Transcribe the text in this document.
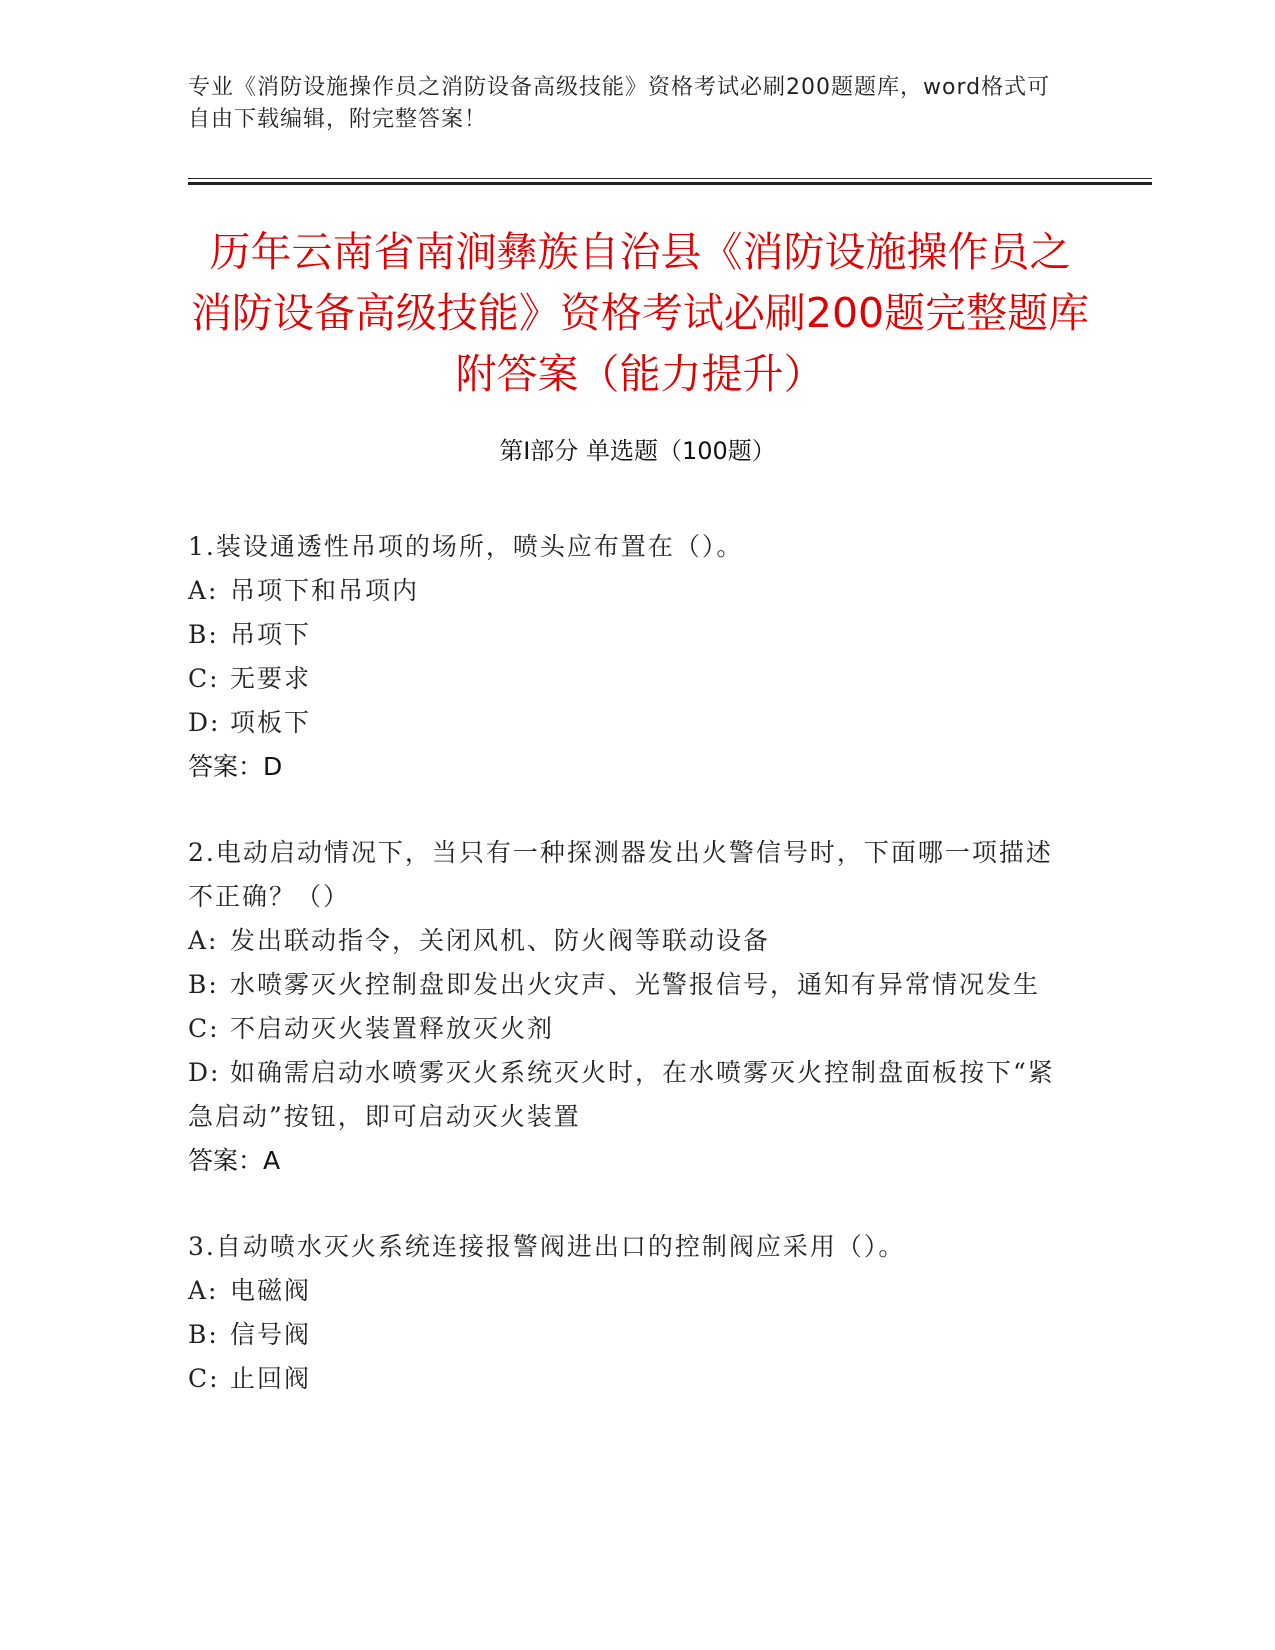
专业《消防设施操作员之消防设备高级技能》资格考试必刷200题题库，word格式可自由下载编辑，附完整答案！
历年云南省南涧彝族自治县《消防设施操作员之消防设备高级技能》资格考试必刷200题完整题库附答案（能力提升）
第Ⅰ部分 单选题（100题）

1.装设通透性吊项的场所，喷头应布置在（）。

A: 吊项下和吊项内

B: 吊项下

C: 无要求

D: 项板下

答案：D

2.电动启动情况下，当只有一种探测器发出火警信号时，下面哪一项描述不正确？（）

A: 发出联动指令，关闭风机、防火阀等联动设备

B: 水喷雾灭火控制盘即发出火灾声、光警报信号，通知有异常情况发生

C: 不启动灭火装置释放灭火剂

D: 如确需启动水喷雾灭火系统灭火时，在水喷雾灭火控制盘面板按下“紧急启动”按钮，即可启动灭火装置

答案：A

3.自动喷水灭火系统连接报警阀进出口的控制阀应采用（）。

A: 电磁阀

B: 信号阀

C: 止回阀
